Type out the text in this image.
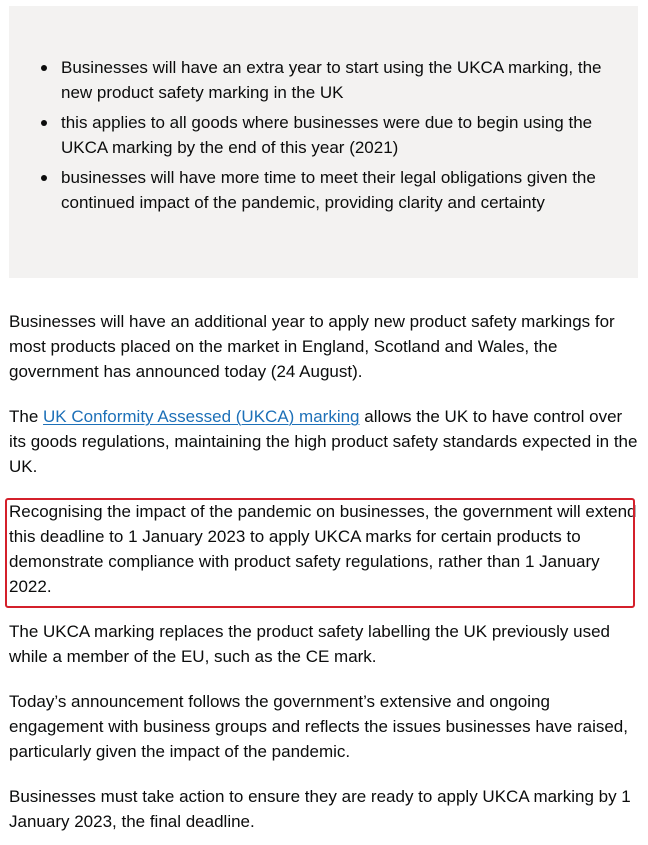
Businesses will have an extra year to start using the UKCA marking, the new product safety marking in the UK
this applies to all goods where businesses were due to begin using the UKCA marking by the end of this year (2021)
businesses will have more time to meet their legal obligations given the continued impact of the pandemic, providing clarity and certainty

Businesses will have an additional year to apply new product safety markings for most products placed on the market in England, Scotland and Wales, the government has announced today (24 August).

The UK Conformity Assessed (UKCA) marking allows the UK to have control over its goods regulations, maintaining the high product safety standards expected in the UK.

Recognising the impact of the pandemic on businesses, the government will extend this deadline to 1 January 2023 to apply UKCA marks for certain products to demonstrate compliance with product safety regulations, rather than 1 January 2022.

The UKCA marking replaces the product safety labelling the UK previously used while a member of the EU, such as the CE mark.

Today’s announcement follows the government’s extensive and ongoing engagement with business groups and reflects the issues businesses have raised, particularly given the impact of the pandemic.

Businesses must take action to ensure they are ready to apply UKCA marking by 1 January 2023, the final deadline.
